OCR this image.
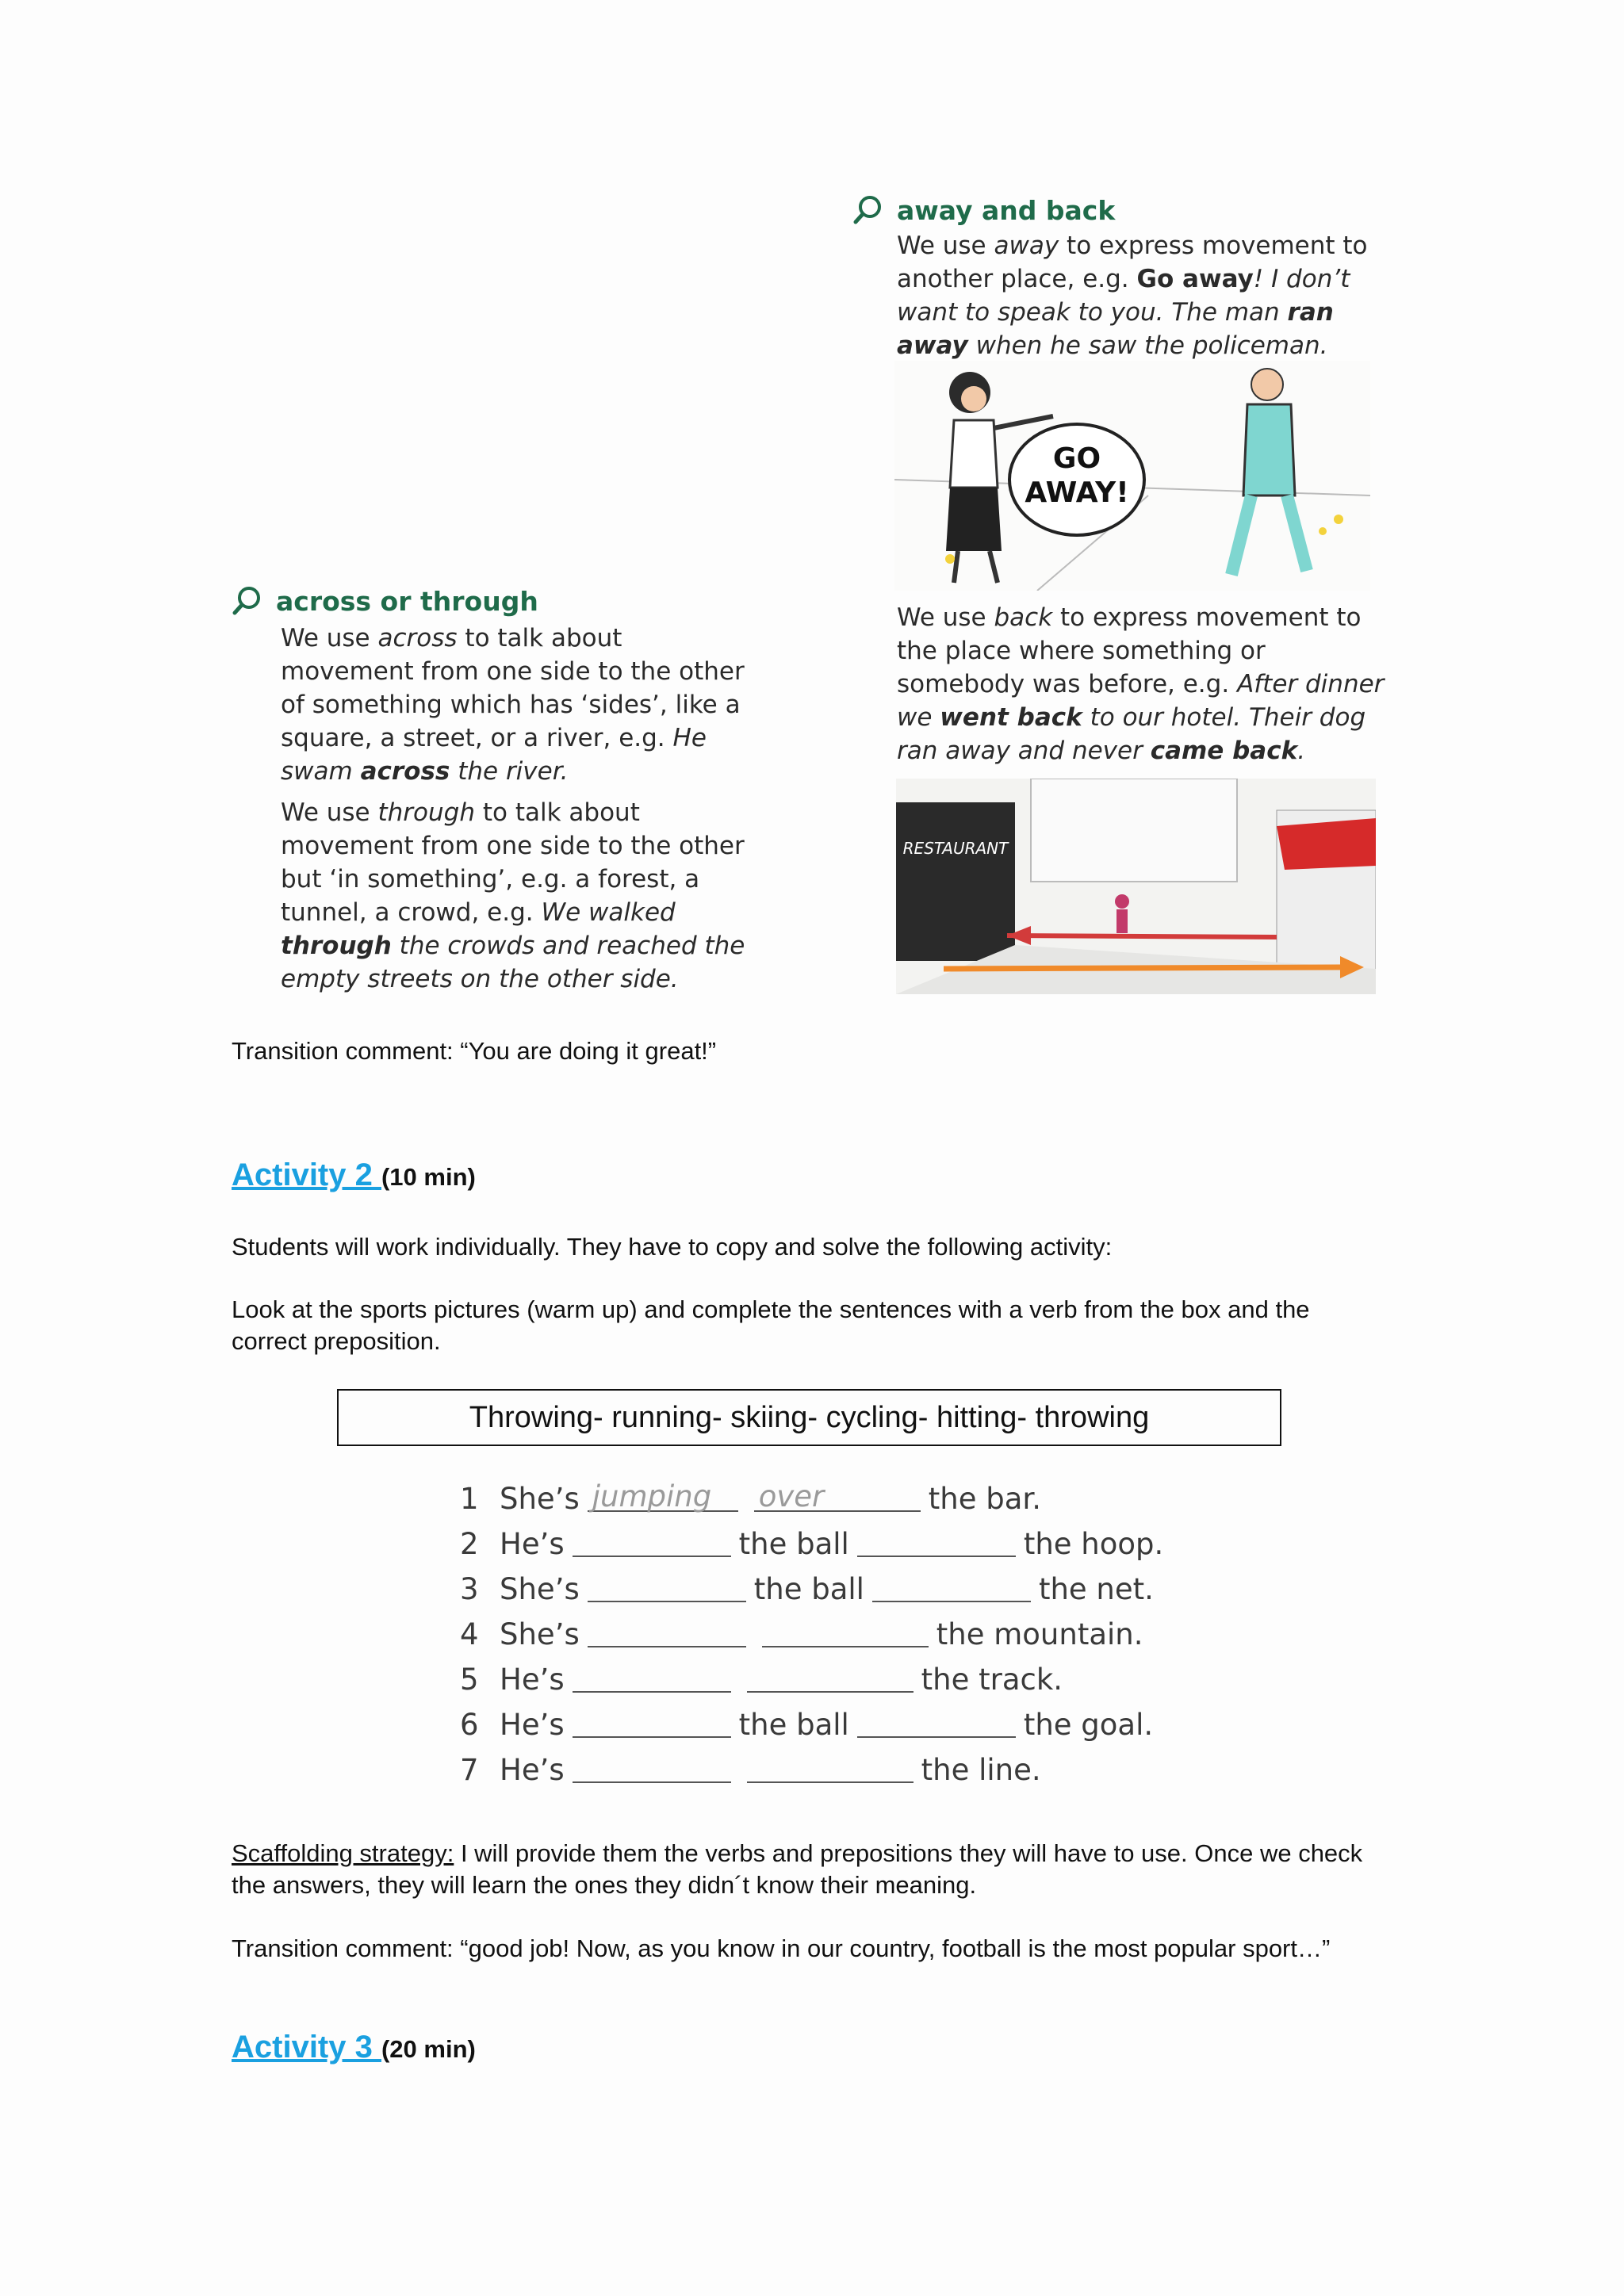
away and back

We use away to express movement to another place, e.g. Go away! I don’t want to speak to you. The man ran away when he saw the policeman.

GO
AWAY!

We use back to express movement to the place where something or somebody was before, e.g. After dinner we went back to our hotel. Their dog ran away and never came back.

RESTAURANT
across or through

We use across to talk about movement from one side to the other of something which has ‘sides’, like a square, a street, or a river, e.g. He swam across the river.

We use through to talk about movement from one side to the other but ‘in something’, e.g. a forest, a tunnel, a crowd, e.g. We walked through the crowds and reached the empty streets on the other side.

Transition comment: “You are doing it great!”
Activity 2 (10 min)
Students will work individually. They have to copy and solve the following activity:
Look at the sports pictures (warm up) and complete the sentences with a verb from the box and the correct preposition.
Throwing- running- skiing- cycling- hitting- throwing
1 She’s jumping over	the bar.
2 He’s	the ball	the hoop.
3 She’s	the ball	the net.
4 She’s	the mountain.
5 He’s	the track.
6 He’s	the ball	the goal.
7 He’s	the line.
Scaffolding strategy: I will provide them the verbs and prepositions they will have to use. Once we check the answers, they will learn the ones they didn´t know their meaning.
Transition comment: “good job! Now, as you know in our country, football is the most popular sport…”
Activity 3 (20 min)
